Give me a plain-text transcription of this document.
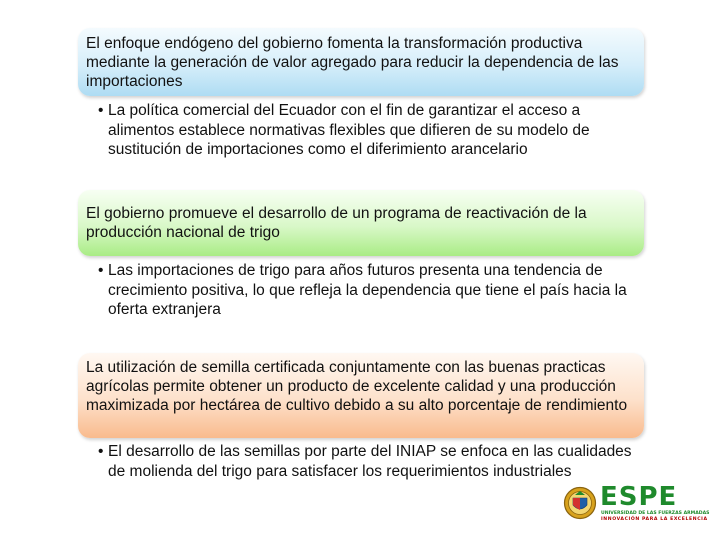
El enfoque endógeno del gobierno fomenta la transformación productiva mediante la generación de valor agregado para reducir la dependencia de las importaciones
• La política comercial del Ecuador con el fin de garantizar el acceso a alimentos establece normativas flexibles que difieren de su modelo de sustitución de importaciones como el diferimiento arancelario
El gobierno promueve el desarrollo de un programa de reactivación de la producción nacional de trigo
• Las importaciones de trigo para años futuros presenta una tendencia de crecimiento positiva, lo que refleja la dependencia que tiene el país hacia la oferta extranjera
La utilización de semilla certificada conjuntamente con las buenas practicas agrícolas permite obtener un producto de excelente calidad y una producción maximizada por hectárea de cultivo debido a su alto porcentaje de rendimiento
• El desarrollo de las semillas por parte del INIAP se enfoca en las cualidades de molienda del trigo para satisfacer los requerimientos industriales
ESPE
UNIVERSIDAD DE LAS FUERZAS ARMADAS
INNOVACIÓN PARA LA EXCELENCIA
